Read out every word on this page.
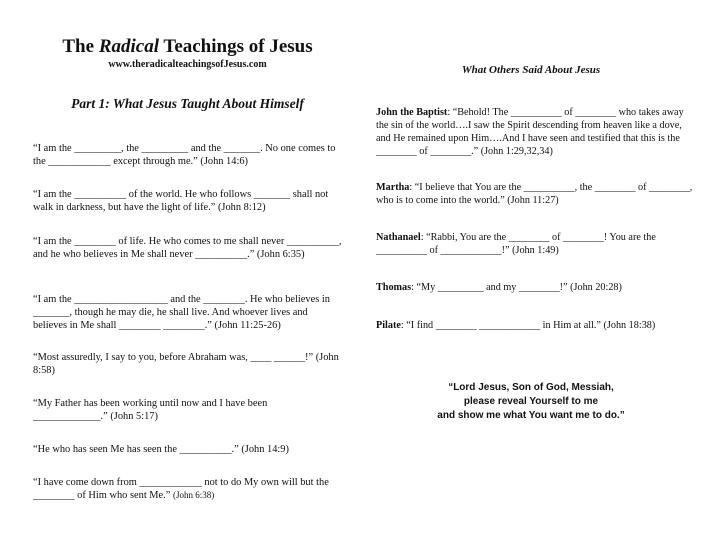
The Radical Teachings of Jesus
www.theradicalteachingsofJesus.com
Part 1: What Jesus Taught About Himself
“I am the _________, the _________ and the _______. No one comes to the ____________ except through me.” (John 14:6)
“I am the __________ of the world. He who follows _______ shall not walk in darkness, but have the light of life.” (John 8:12)
“I am the ________ of life. He who comes to me shall never __________, and he who believes in Me shall never __________.” (John 6:35)
“I am the __________________ and the ________. He who believes in _______, though he may die, he shall live. And whoever lives and believes in Me shall ________ ________.” (John 11:25-26)
“Most assuredly, I say to you, before Abraham was, ____ ______!” (John 8:58)
“My Father has been working until now and I have been _____________.” (John 5:17)
“He who has seen Me has seen the __________.” (John 14:9)
“I have come down from ____________ not to do My own will but the ________ of Him who sent Me.” (John 6:38)
What Others Said About Jesus
John the Baptist: “Behold! The __________ of ________ who takes away the sin of the world….I saw the Spirit descending from heaven like a dove, and He remained upon Him….And I have seen and testified that this is the ________ of ________.” (John 1:29,32,34)
Martha: “I believe that You are the __________, the ________ of ________, who is to come into the world.” (John 11:27)
Nathanael: “Rabbi, You are the ________ of ________! You are the __________ of ____________!” (John 1:49)
Thomas: “My _________ and my ________!” (John 20:28)
Pilate: “I find ________ ____________ in Him at all.” (John 18:38)
“Lord Jesus, Son of God, Messiah,
please reveal Yourself to me
and show me what You want me to do.”
